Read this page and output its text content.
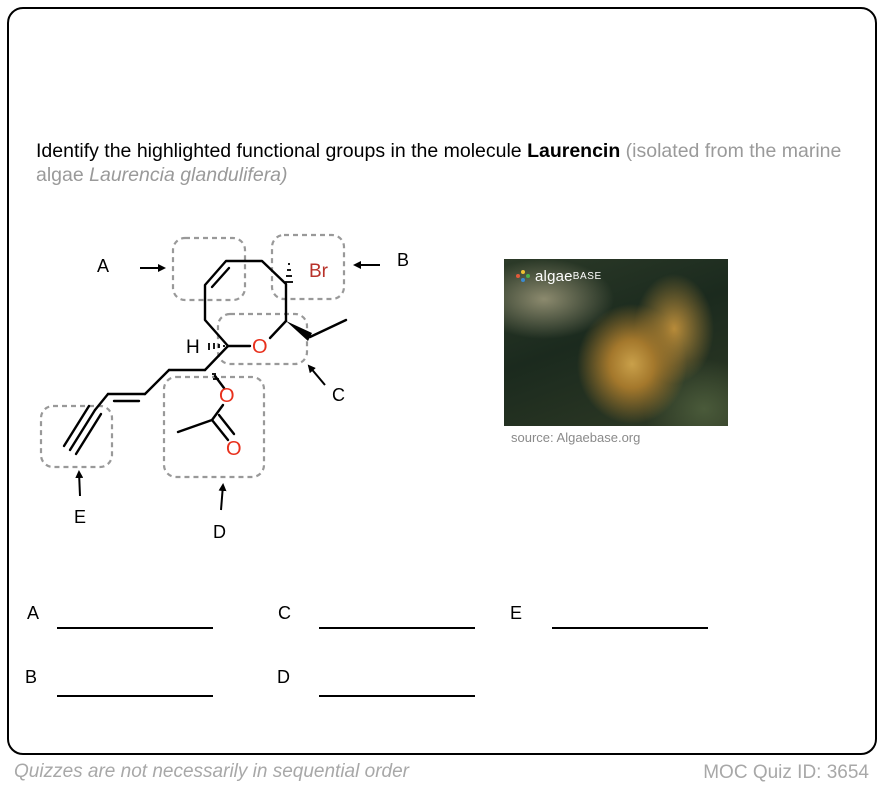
Identify the highlighted functional groups in the molecule Laurencin (isolated from the marine algae Laurencia glandulifera)
Br
O
H
O
O
A	B
C
D
E
algae BASE
source: Algaebase.org
A	C	E
B	D
Quizzes are not necessarily in sequential order	MOC Quiz ID: 3654
